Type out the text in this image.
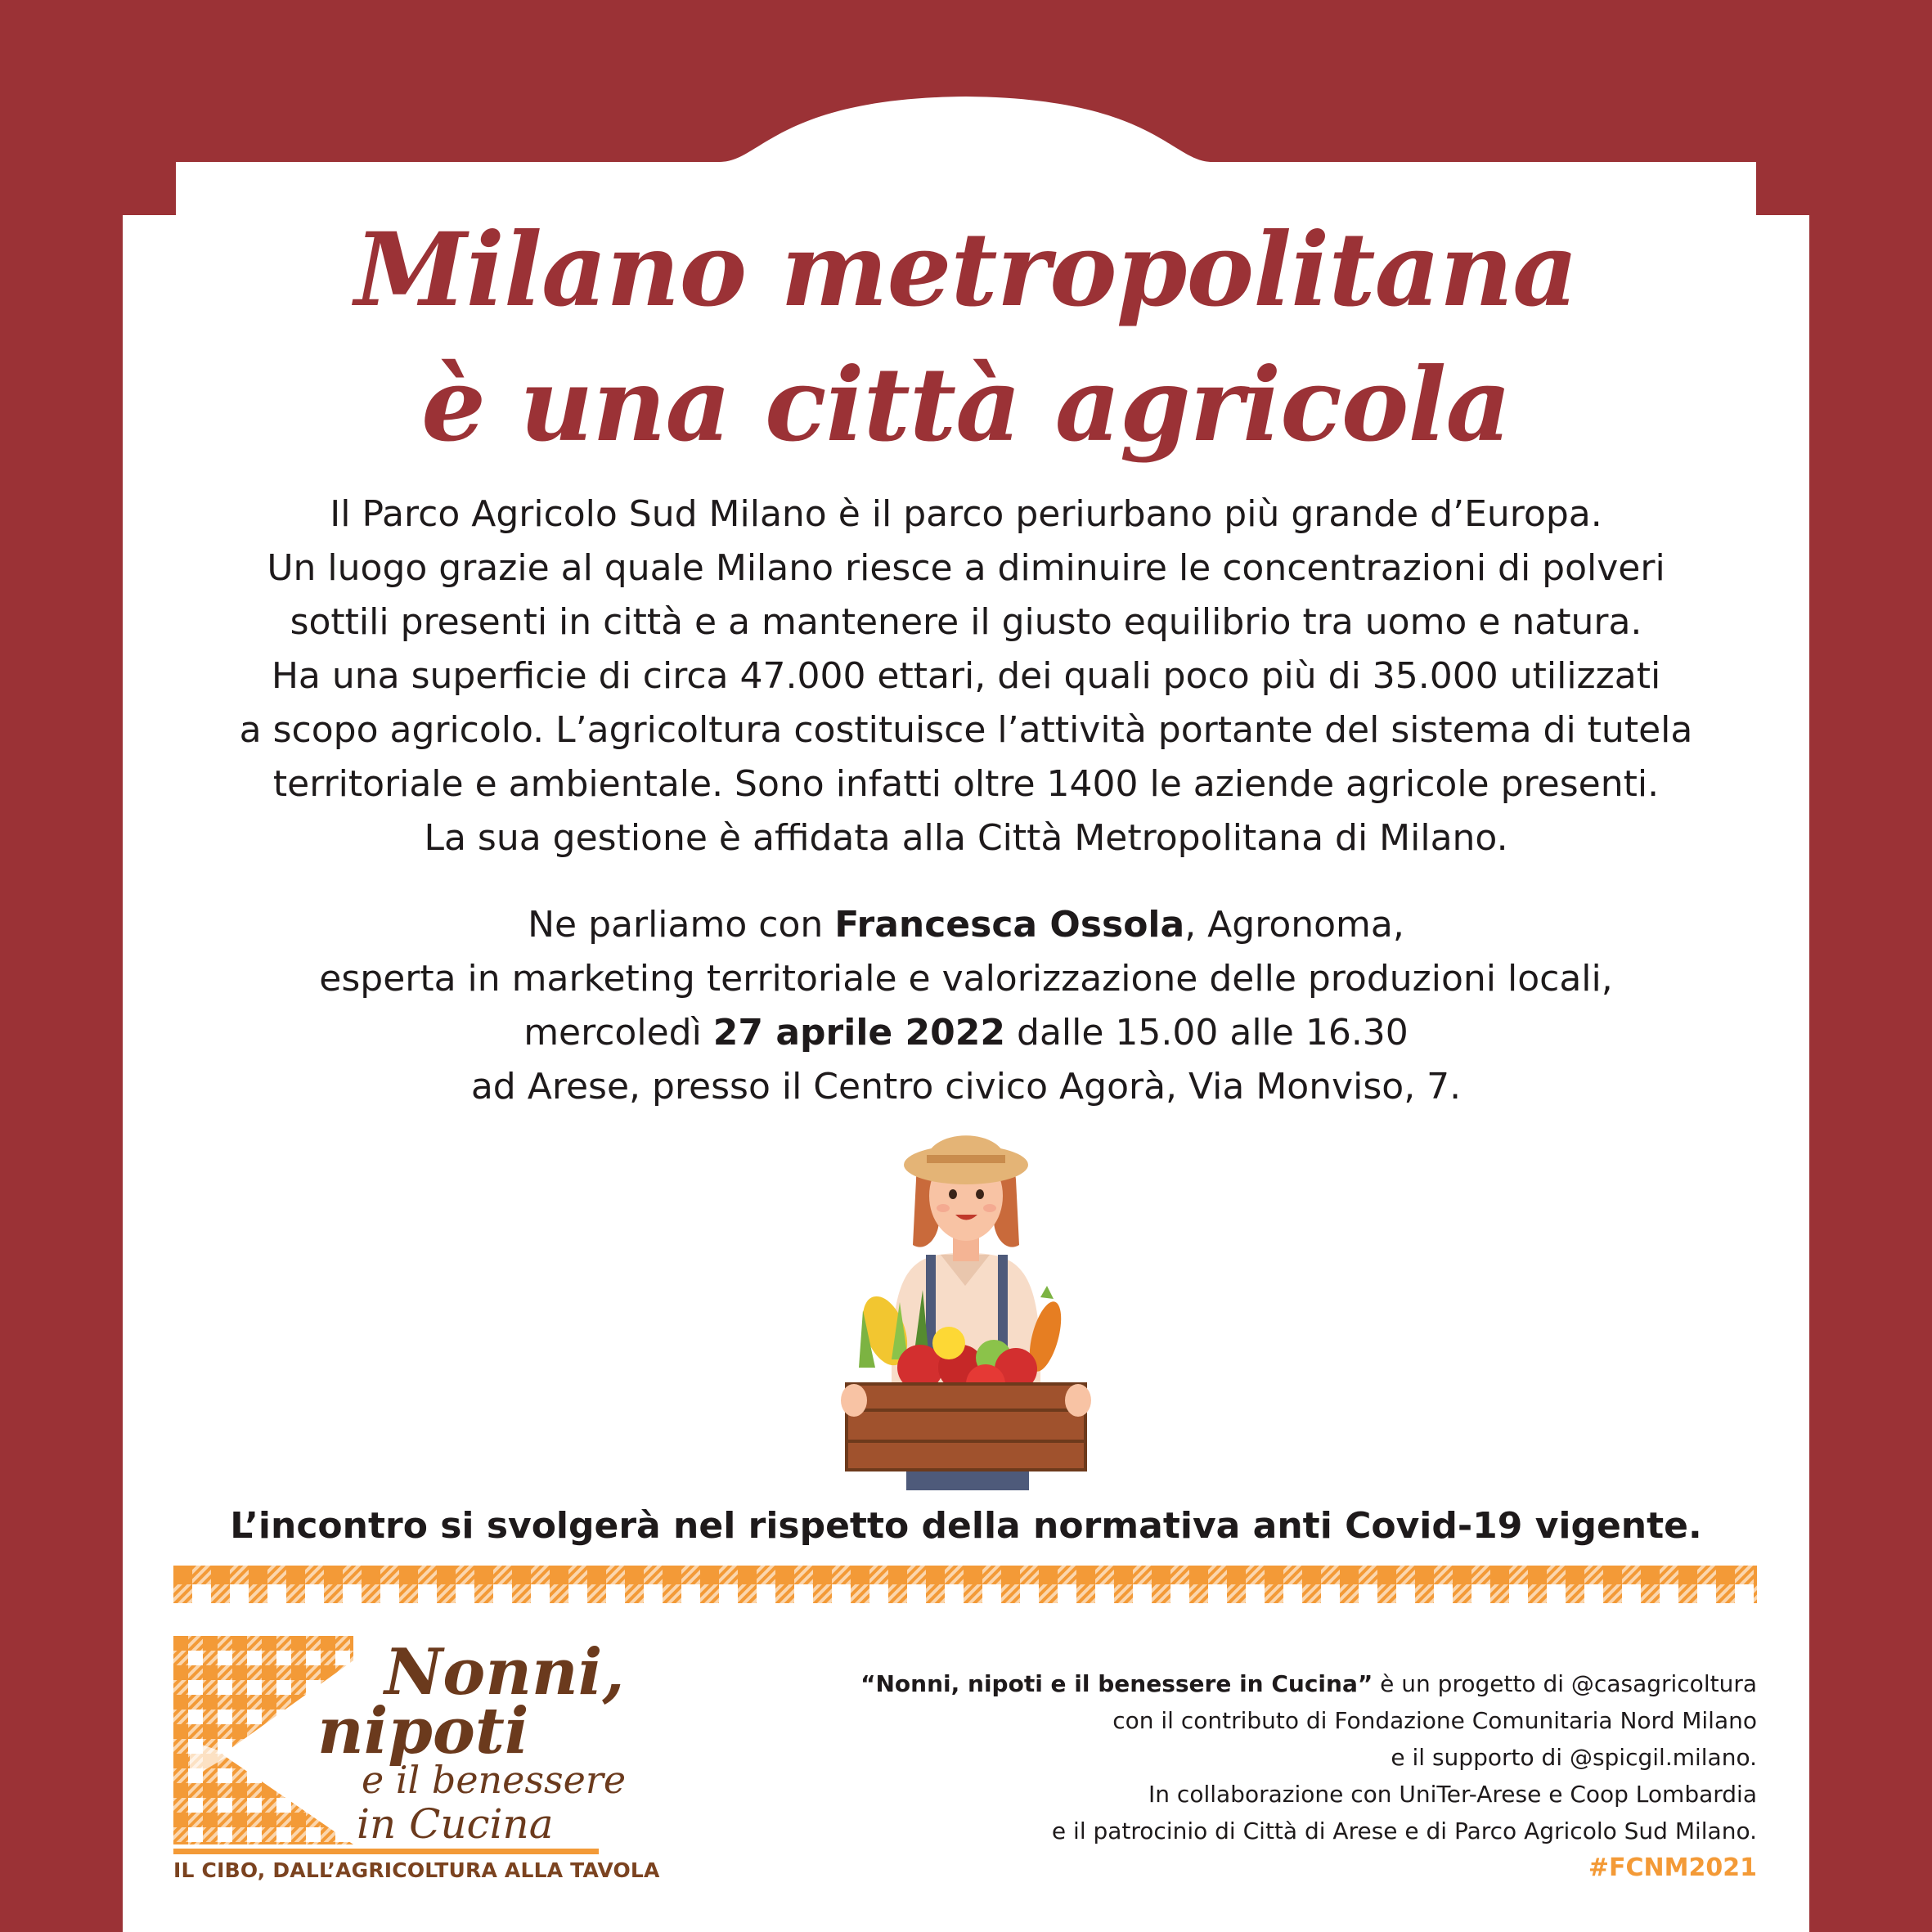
Milano metropolitana
è una città agricola
Il Parco Agricolo Sud Milano è il parco periurbano più grande d’Europa.
Un luogo grazie al quale Milano riesce a diminuire le concentrazioni di polveri
sottili presenti in città e a mantenere il giusto equilibrio tra uomo e natura.
Ha una superficie di circa 47.000 ettari, dei quali poco più di 35.000 utilizzati
a scopo agricolo. L’agricoltura costituisce l’attività portante del sistema di tutela
territoriale e ambientale. Sono infatti oltre 1400 le aziende agricole presenti.
La sua gestione è affidata alla Città Metropolitana di Milano.
Ne parliamo con Francesca Ossola, Agronoma,
esperta in marketing territoriale e valorizzazione delle produzioni locali,
mercoledì 27 aprile 2022 dalle 15.00 alle 16.30
ad Arese, presso il Centro civico Agorà, Via Monviso, 7.
L’incontro si svolgerà nel rispetto della normativa anti Covid-19 vigente.
Nonni,
nipoti
e il benessere
in Cucina
IL CIBO, DALL’AGRICOLTURA ALLA TAVOLA
“Nonni, nipoti e il benessere in Cucina” è un progetto di @casagricoltura
con il contributo di Fondazione Comunitaria Nord Milano
e il supporto di @spicgil.milano.
In collaborazione con UniTer-Arese e Coop Lombardia
e il patrocinio di Città di Arese e di Parco Agricolo Sud Milano.
#FCNM2021
